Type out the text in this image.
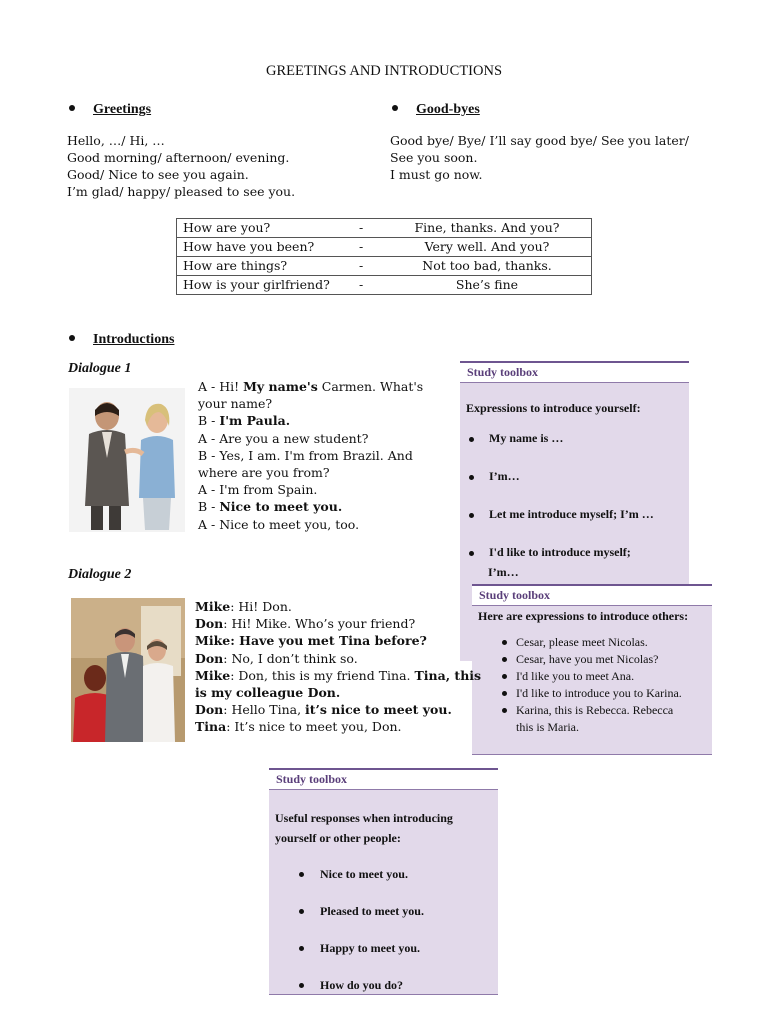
GREETINGS AND INTRODUCTIONS
Greetings
Hello, …/ Hi, …
Good morning/ afternoon/ evening.
Good/ Nice to see you again.
I’m glad/ happy/ pleased to see you.
Good-byes
Good bye/ Bye/ I’ll say good bye/ See you later/
See you soon.
I must go now.
How are you?	-	Fine, thanks. And you?
How have you been?	-	Very well. And you?
How are things?	-	Not too bad, thanks.
How is your girlfriend?	-	She’s fine
Introductions
Dialogue 1
A - Hi! My name's Carmen. What's
your name?
B - I'm Paula.
A - Are you a new student?
B - Yes, I am. I'm from Brazil. And
where are you from?
A - I'm from Spain.
B - Nice to meet you.
A - Nice to meet you, too.
Study toolbox
Expressions to introduce yourself:
My name is …
I’m…
Let me introduce myself; I’m …
I'd like to introduce myself;
I’m…
Study toolbox
Here are expressions to introduce others:
Cesar, please meet Nicolas.
Cesar, have you met Nicolas?
I'd like you to meet Ana.
I'd like to introduce you to Karina.
Karina, this is Rebecca. Rebecca
this is Maria.
Dialogue 2
Mike: Hi! Don.
Don: Hi! Mike. Who’s your friend?
Mike: Have you met Tina before?
Don: No, I don’t think so.
Mike: Don, this is my friend Tina. Tina, this
is my colleague Don.
Don: Hello Tina, it’s nice to meet you.
Tina: It’s nice to meet you, Don.
Study toolbox
Useful responses when introducing
yourself or other people:
Nice to meet you.
Pleased to meet you.
Happy to meet you.
How do you do?
